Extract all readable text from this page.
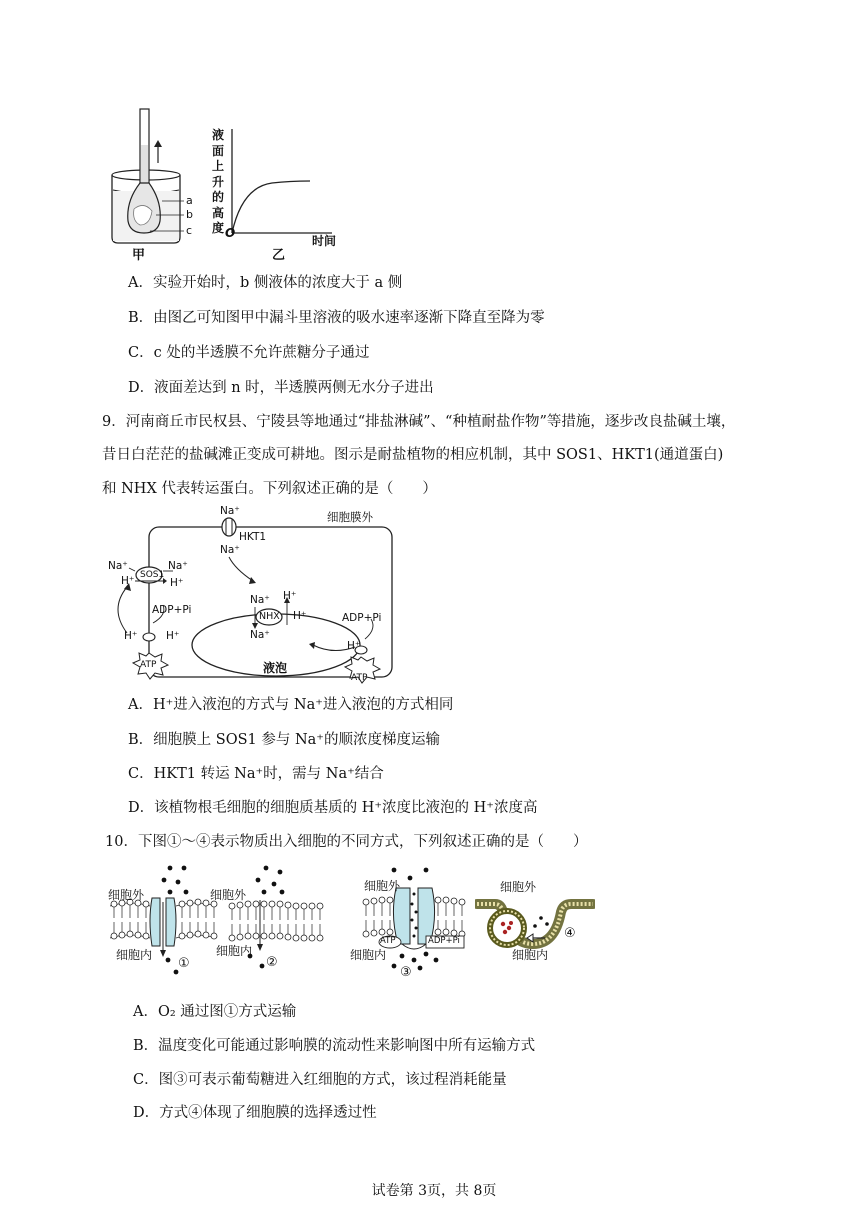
a
b
c
甲
液
面
上
升
的
高
度 O
时间
乙
A．实验开始时，b 侧液体的浓度大于 a 侧
B．由图乙可知图甲中漏斗里溶液的吸水速率逐渐下降直至降为零
C．c 处的半透膜不允许蔗糖分子通过
D．液面差达到 n 时，半透膜两侧无水分子进出
9．河南商丘市民权县、宁陵县等地通过“排盐淋碱”、“种植耐盐作物”等措施，逐步改良盐碱土壤，
昔日白茫茫的盐碱滩正变成可耕地。图示是耐盐植物的相应机制，其中 SOS1、HKT1(通道蛋白)
和 NHX 代表转运蛋白。下列叙述正确的是（　　）
细胞膜外
Na⁺
HKT1
Na⁺
SOS1
Na⁺	Na⁺
H⁺	H⁺
ADP+Pi
H⁺	H⁺
ATP
NHX
Na⁺
Na⁺
H⁺
H⁺	ADP+Pi
H⁺
ATP
液泡
A．H⁺进入液泡的方式与 Na⁺进入液泡的方式相同
B．细胞膜上 SOS1 参与 Na⁺的顺浓度梯度运输
C．HKT1 转运 Na⁺时，需与 Na⁺结合
D．该植物根毛细胞的细胞质基质的 H⁺浓度比液泡的 H⁺浓度高
10．下图①～④表示物质出入细胞的不同方式，下列叙述正确的是（　　）
细胞外
细胞内
①
细胞外
细胞内
②
细胞外
细胞内
ATP	ADP+Pi
③
细胞外
细胞内
④
A．O₂ 通过图①方式运输
B．温度变化可能通过影响膜的流动性来影响图中所有运输方式
C．图③可表示葡萄糖进入红细胞的方式，该过程消耗能量
D．方式④体现了细胞膜的选择透过性
试卷第 3页，共 8页
